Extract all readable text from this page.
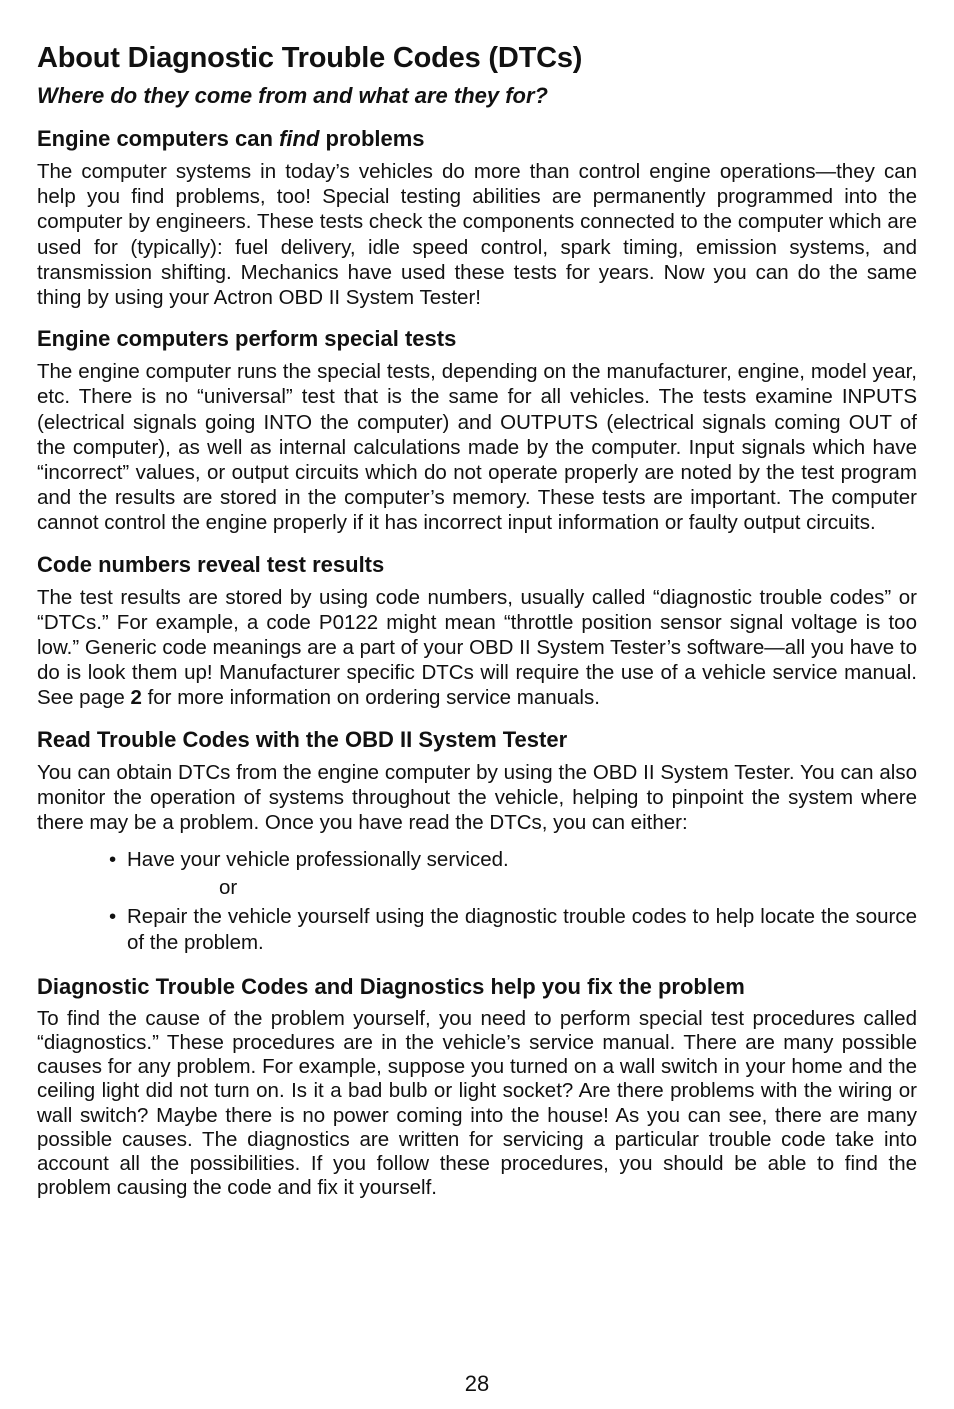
About Diagnostic Trouble Codes (DTCs)
Where do they come from and what are they for?
Engine computers can find problems

The computer systems in today’s vehicles do more than control engine operations—they can help you find problems, too! Special testing abilities are permanently programmed into the computer by engineers. These tests check the components connected to the computer which are used for (typically): fuel delivery, idle speed control, spark timing, emission systems, and transmission shifting. Mechanics have used these tests for years. Now you can do the same thing by using your Actron OBD II System Tester!

Engine computers perform special tests

The engine computer runs the special tests, depending on the manufacturer, engine, model year, etc. There is no “universal” test that is the same for all vehicles. The tests examine INPUTS (electrical signals going INTO the computer) and OUTPUTS (electrical signals coming OUT of the computer), as well as internal calculations made by the computer. Input signals which have “incorrect” values, or output circuits which do not operate properly are noted by the test program and the results are stored in the computer’s memory. These tests are important. The computer cannot control the engine properly if it has incorrect input information or faulty output circuits.

Code numbers reveal test results

The test results are stored by using code numbers, usually called “diagnostic trouble codes” or “DTCs.” For example, a code P0122 might mean “throttle position sensor signal voltage is too low.” Generic code meanings are a part of your OBD II System Tester’s software—all you have to do is look them up! Manufacturer specific DTCs will require the use of a vehicle service manual. See page 2 for more information on ordering service manuals.

Read Trouble Codes with the OBD II System Tester

You can obtain DTCs from the engine computer by using the OBD II System Tester. You can also monitor the operation of systems throughout the vehicle, helping to pinpoint the system where there may be a problem. Once you have read the DTCs, you can either:

• Have your vehicle professionally serviced.
or
• Repair the vehicle yourself using the diagnostic trouble codes to help locate the source of the problem.
Diagnostic Trouble Codes and Diagnostics help you fix the problem

To find the cause of the problem yourself, you need to perform special test procedures called “diagnostics.” These procedures are in the vehicle’s service manual. There are many possible causes for any problem. For example, suppose you turned on a wall switch in your home and the ceiling light did not turn on. Is it a bad bulb or light socket? Are there problems with the wiring or wall switch? Maybe there is no power coming into the house! As you can see, there are many possible causes. The diagnostics are written for servicing a particular trouble code take into account all the possibilities. If you follow these procedures, you should be able to find the problem causing the code and fix it yourself.

28
